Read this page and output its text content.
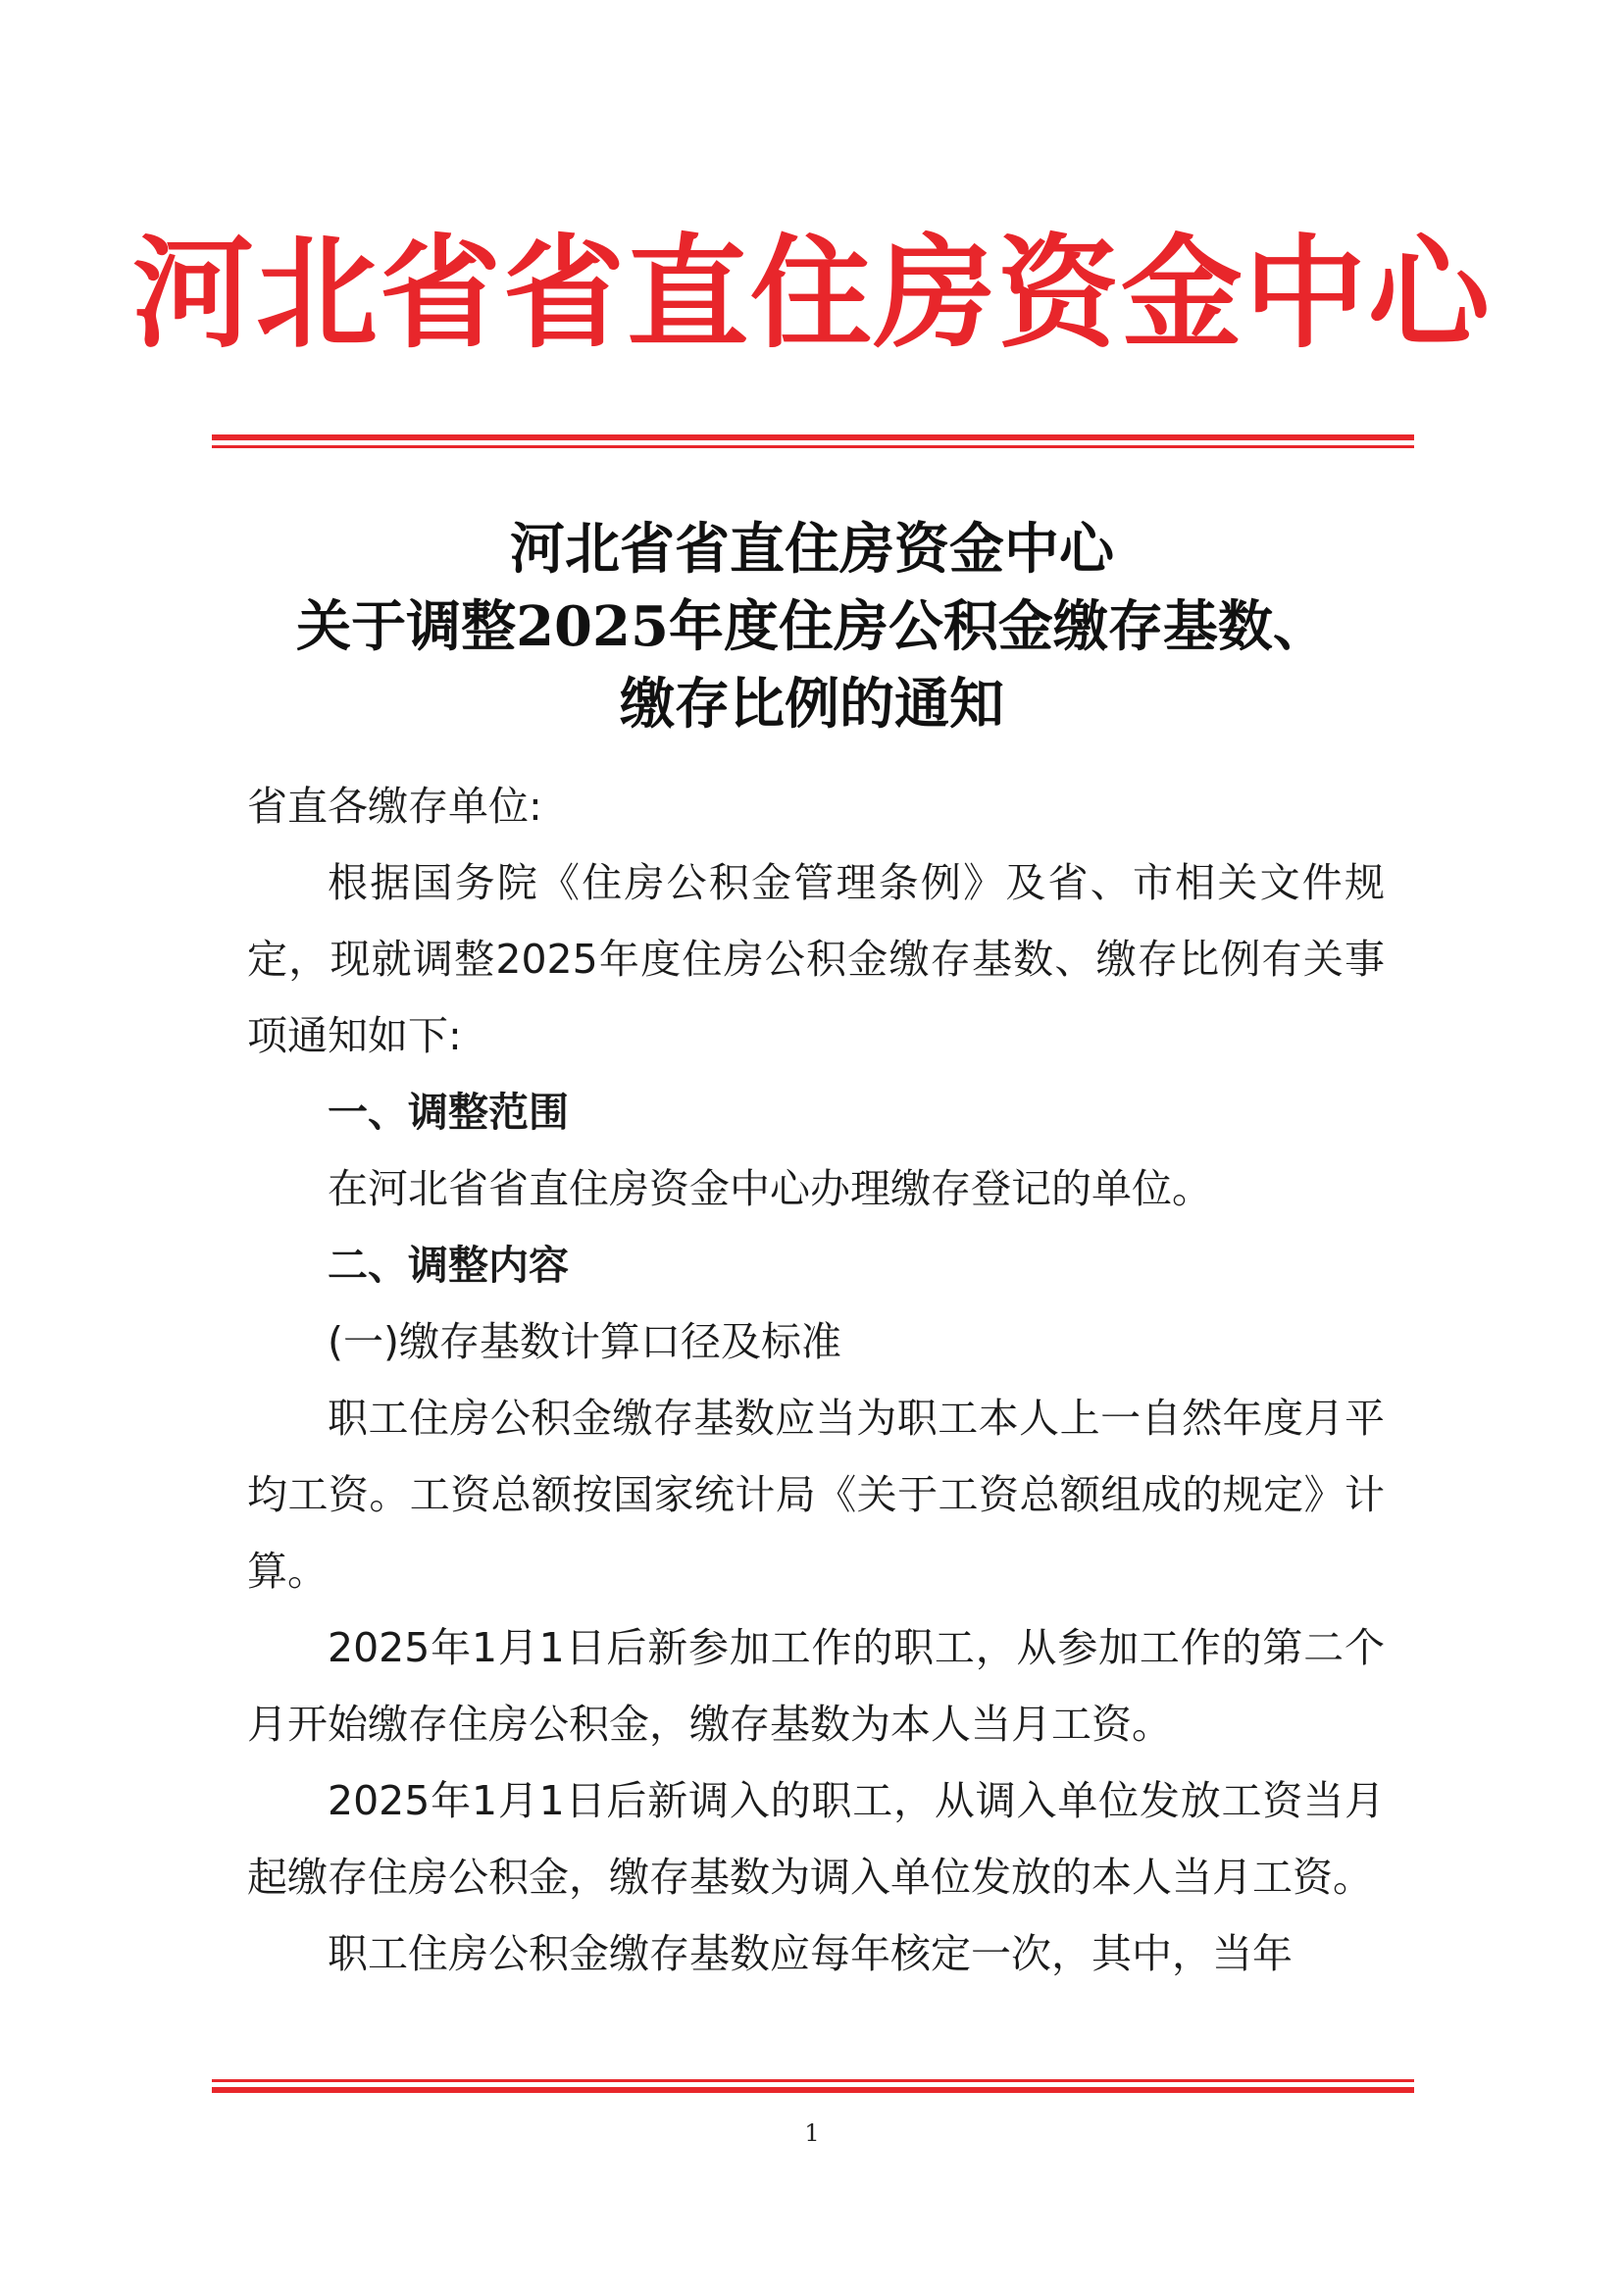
河北省省直住房资金中心
河北省省直住房资金中心
关于调整2025年度住房公积金缴存基数、
缴存比例的通知

省直各缴存单位:

根据国务院《住房公积金管理条例》及省、市相关文件规定，现就调整2025年度住房公积金缴存基数、缴存比例有关事项通知如下:

一、调整范围

在河北省省直住房资金中心办理缴存登记的单位。

二、调整内容

(一)缴存基数计算口径及标准

职工住房公积金缴存基数应当为职工本人上一自然年度月平均工资。工资总额按国家统计局《关于工资总额组成的规定》计算。

2025年1月1日后新参加工作的职工，从参加工作的第二个月开始缴存住房公积金，缴存基数为本人当月工资。

2025年1月1日后新调入的职工，从调入单位发放工资当月起缴存住房公积金，缴存基数为调入单位发放的本人当月工资。

职工住房公积金缴存基数应每年核定一次，其中，当年

1
